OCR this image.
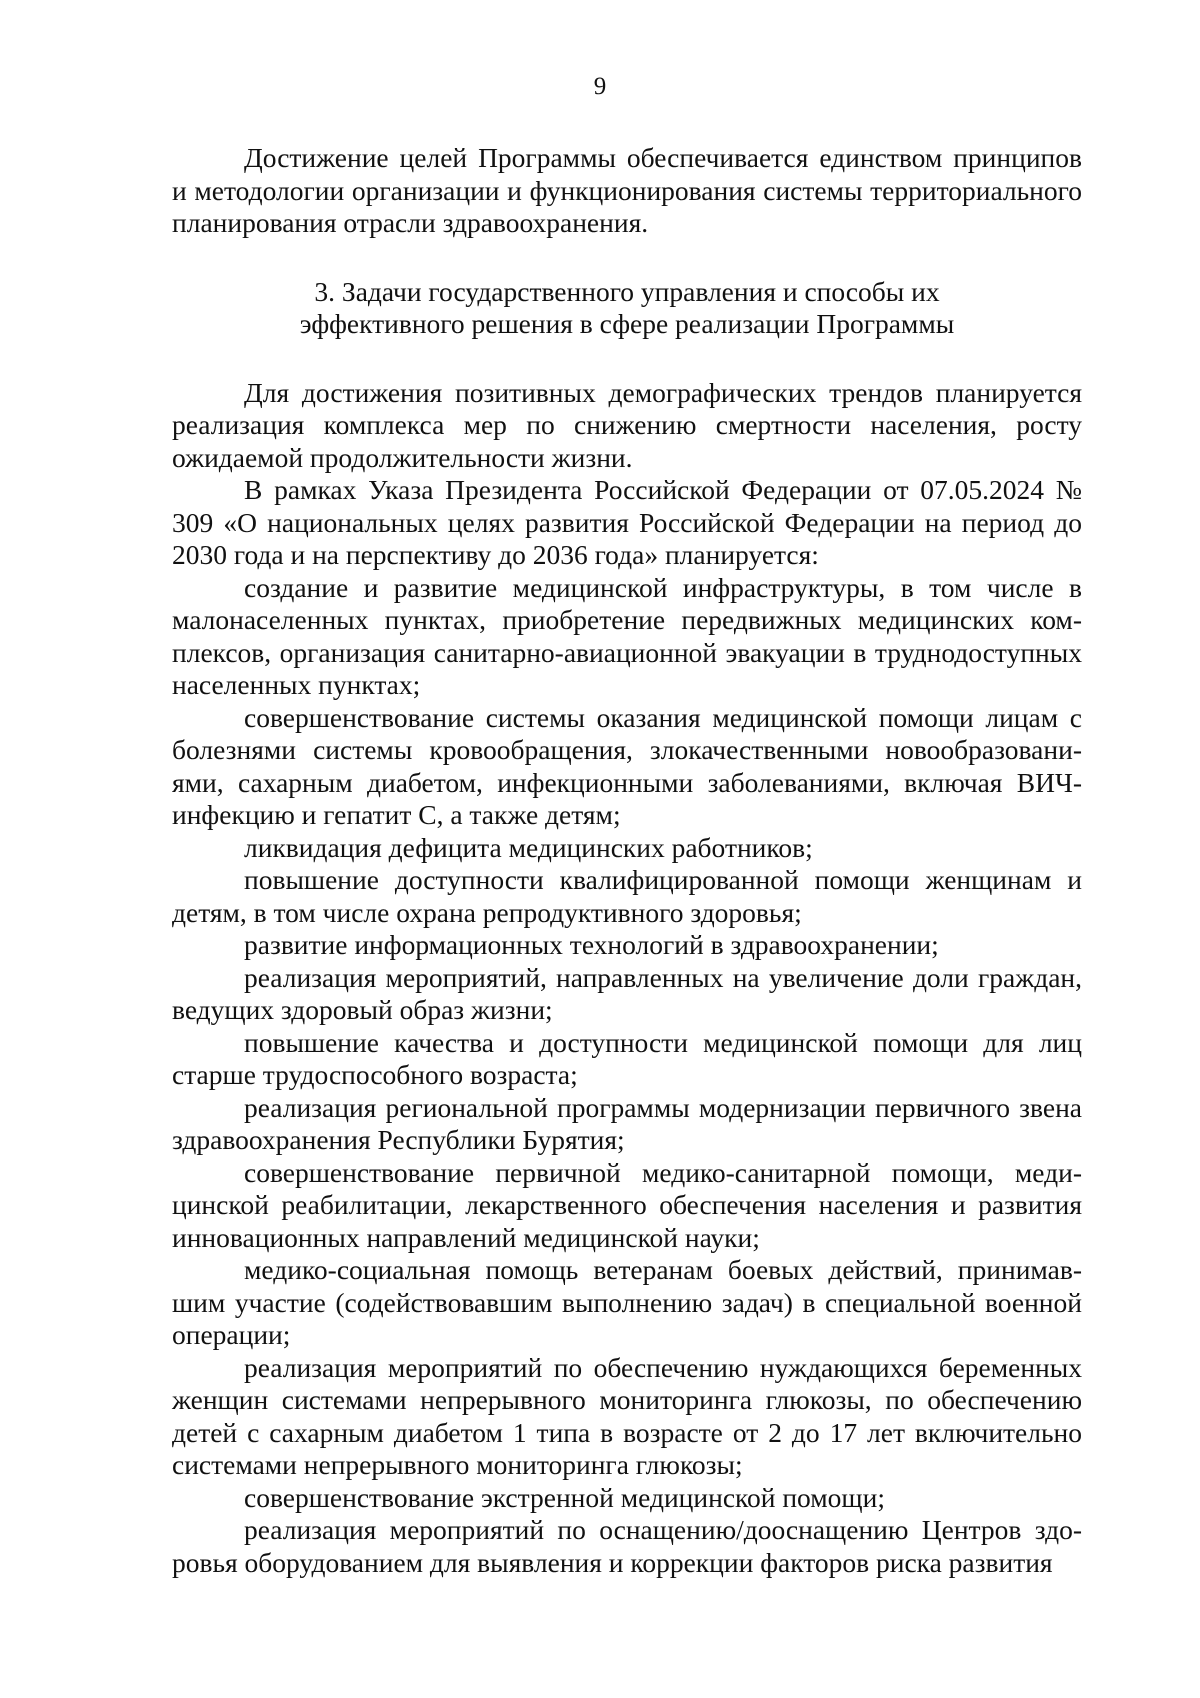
9

Достижение целей Программы обеспечивается единством принципов и методологии организации и функционирования системы территориального планирования отрасли здравоохранения.

3. Задачи государственного управления и способы их
эффективного решения в сфере реализации Программы

Для достижения позитивных демографических трендов планируется реализация комплекса мер по снижению смертности населения, росту ожидаемой продолжительности жизни.

В рамках Указа Президента Российской Федерации от 07.05.2024 № 309 «О национальных целях развития Российской Федерации на период до 2030 года и на перспективу до 2036 года» планируется:

создание и развитие медицинской инфраструктуры, в том числе в малонаселенных пунктах, приобретение передвижных медицинских комплексов, организация санитарно-авиационной эвакуации в труднодоступных населенных пунктах;

совершенствование системы оказания медицинской помощи лицам с болезнями системы кровообращения, злокачественными новообразованиями, сахарным диабетом, инфекционными заболеваниями, включая ВИЧ-инфекцию и гепатит С, а также детям;

ликвидация дефицита медицинских работников;

повышение доступности квалифицированной помощи женщинам и детям, в том числе охрана репродуктивного здоровья;

развитие информационных технологий в здравоохранении;

реализация мероприятий, направленных на увеличение доли граждан, ведущих здоровый образ жизни;

повышение качества и доступности медицинской помощи для лиц старше трудоспособного возраста;

реализация региональной программы модернизации первичного звена здравоохранения Республики Бурятия;

совершенствование первичной медико-санитарной помощи, медицинской реабилитации, лекарственного обеспечения населения и развития инновационных направлений медицинской науки;

медико-социальная помощь ветеранам боевых действий, принимавшим участие (содействовавшим выполнению задач) в специальной военной операции;

реализация мероприятий по обеспечению нуждающихся беременных женщин системами непрерывного мониторинга глюкозы, по обеспечению детей с сахарным диабетом 1 типа в возрасте от 2 до 17 лет включительно системами непрерывного мониторинга глюкозы;

совершенствование экстренной медицинской помощи;

реализация мероприятий по оснащению/дооснащению Центров здоровья оборудованием для выявления и коррекции факторов риска развития
